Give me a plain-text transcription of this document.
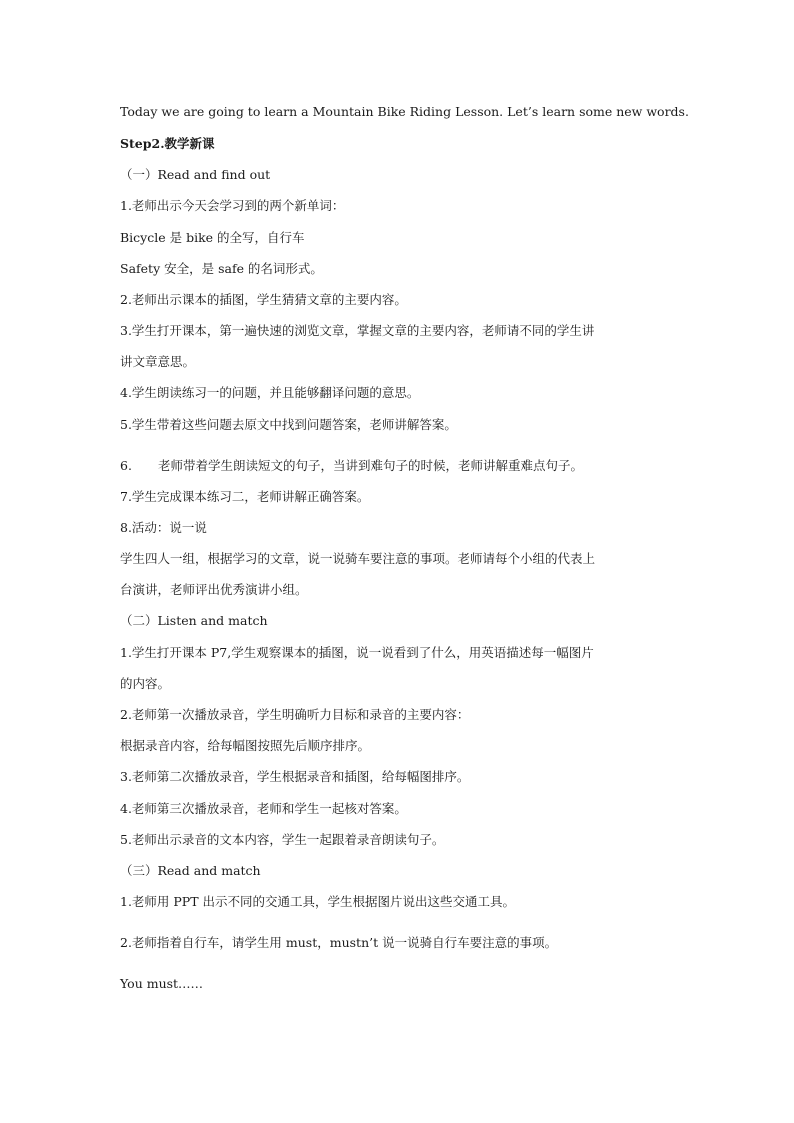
Today we are going to learn a Mountain Bike Riding Lesson. Let’s learn some new words.
Step2.教学新课
（一）Read and find out
1.老师出示今天会学习到的两个新单词：
Bicycle 是 bike 的全写，自行车
Safety 安全，是 safe 的名词形式。
2.老师出示课本的插图，学生猜猜文章的主要内容。
3.学生打开课本，第一遍快速的浏览文章，掌握文章的主要内容，老师请不同的学生讲
讲文章意思。
4.学生朗读练习一的问题，并且能够翻译问题的意思。
5.学生带着这些问题去原文中找到问题答案，老师讲解答案。
6. 老师带着学生朗读短文的句子，当讲到难句子的时候，老师讲解重难点句子。
7.学生完成课本练习二，老师讲解正确答案。
8.活动：说一说
学生四人一组，根据学习的文章，说一说骑车要注意的事项。老师请每个小组的代表上
台演讲，老师评出优秀演讲小组。
（二）Listen and match
1.学生打开课本 P7,学生观察课本的插图，说一说看到了什么，用英语描述每一幅图片
的内容。
2.老师第一次播放录音，学生明确听力目标和录音的主要内容：
根据录音内容，给每幅图按照先后顺序排序。
3.老师第二次播放录音，学生根据录音和插图，给每幅图排序。
4.老师第三次播放录音，老师和学生一起核对答案。
5.老师出示录音的文本内容，学生一起跟着录音朗读句子。
（三）Read and match
1.老师用 PPT 出示不同的交通工具，学生根据图片说出这些交通工具。
2.老师指着自行车，请学生用 must，mustn’t 说一说骑自行车要注意的事项。
You must……
